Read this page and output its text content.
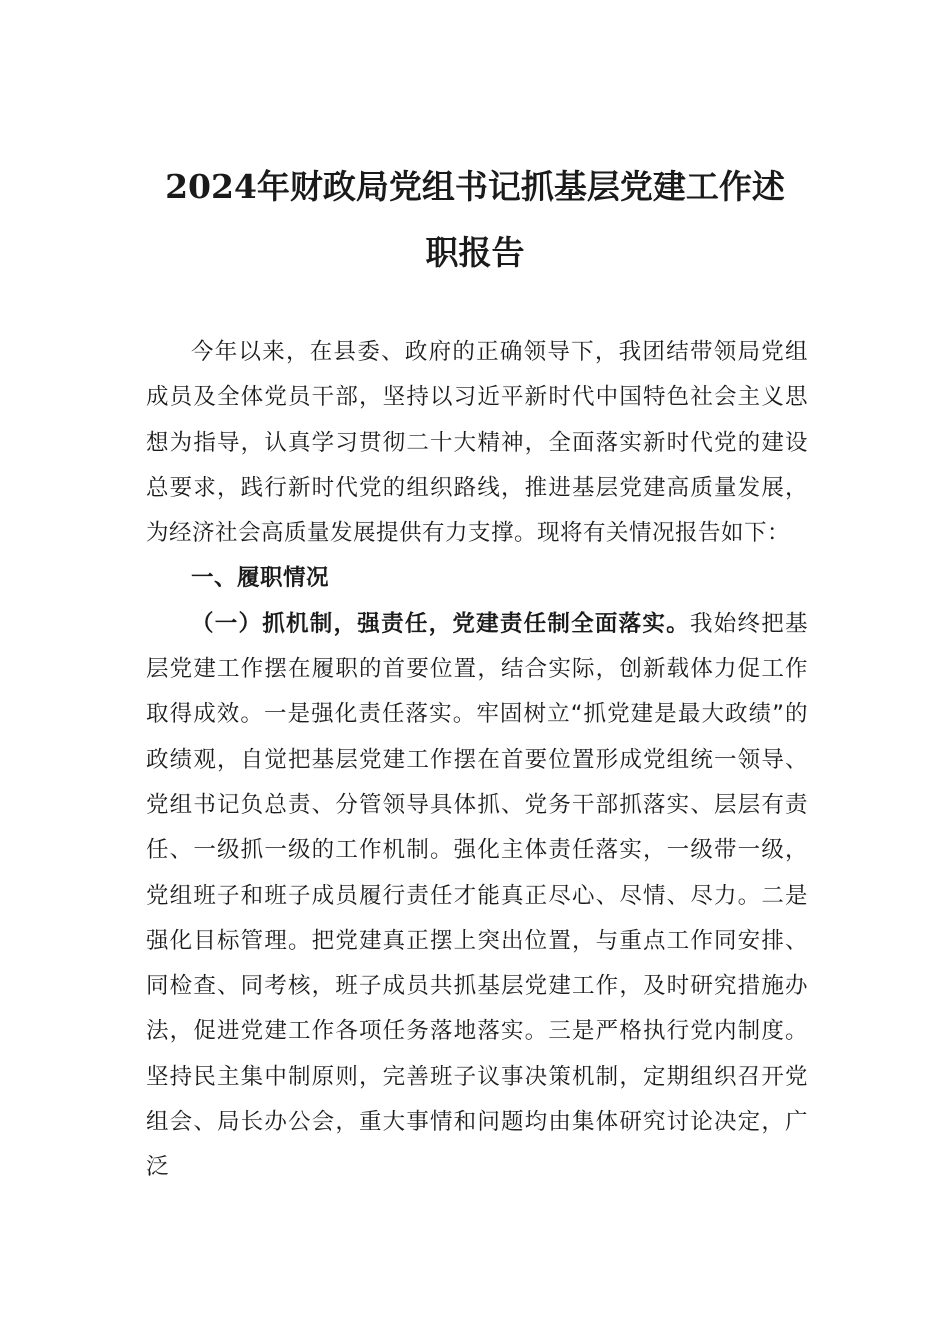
2024年财政局党组书记抓基层党建工作述
职报告

今年以来，在县委、政府的正确领导下，我团结带领局党组成员及全体党员干部，坚持以习近平新时代中国特色社会主义思想为指导，认真学习贯彻二十大精神，全面落实新时代党的建设总要求，践行新时代党的组织路线，推进基层党建高质量发展，为经济社会高质量发展提供有力支撑。现将有关情况报告如下：

一、履职情况

（一）抓机制，强责任，党建责任制全面落实。我始终把基层党建工作摆在履职的首要位置，结合实际，创新载体力促工作取得成效。一是强化责任落实。牢固树立“抓党建是最大政绩”的政绩观，自觉把基层党建工作摆在首要位置形成党组统一领导、党组书记负总责、分管领导具体抓、党务干部抓落实、层层有责任、一级抓一级的工作机制。强化主体责任落实，一级带一级，党组班子和班子成员履行责任才能真正尽心、尽情、尽力。二是强化目标管理。把党建真正摆上突出位置，与重点工作同安排、同检查、同考核，班子成员共抓基层党建工作，及时研究措施办法，促进党建工作各项任务落地落实。三是严格执行党内制度。坚持民主集中制原则，完善班子议事决策机制，定期组织召开党组会、局长办公会，重大事情和问题均由集体研究讨论决定，广泛
